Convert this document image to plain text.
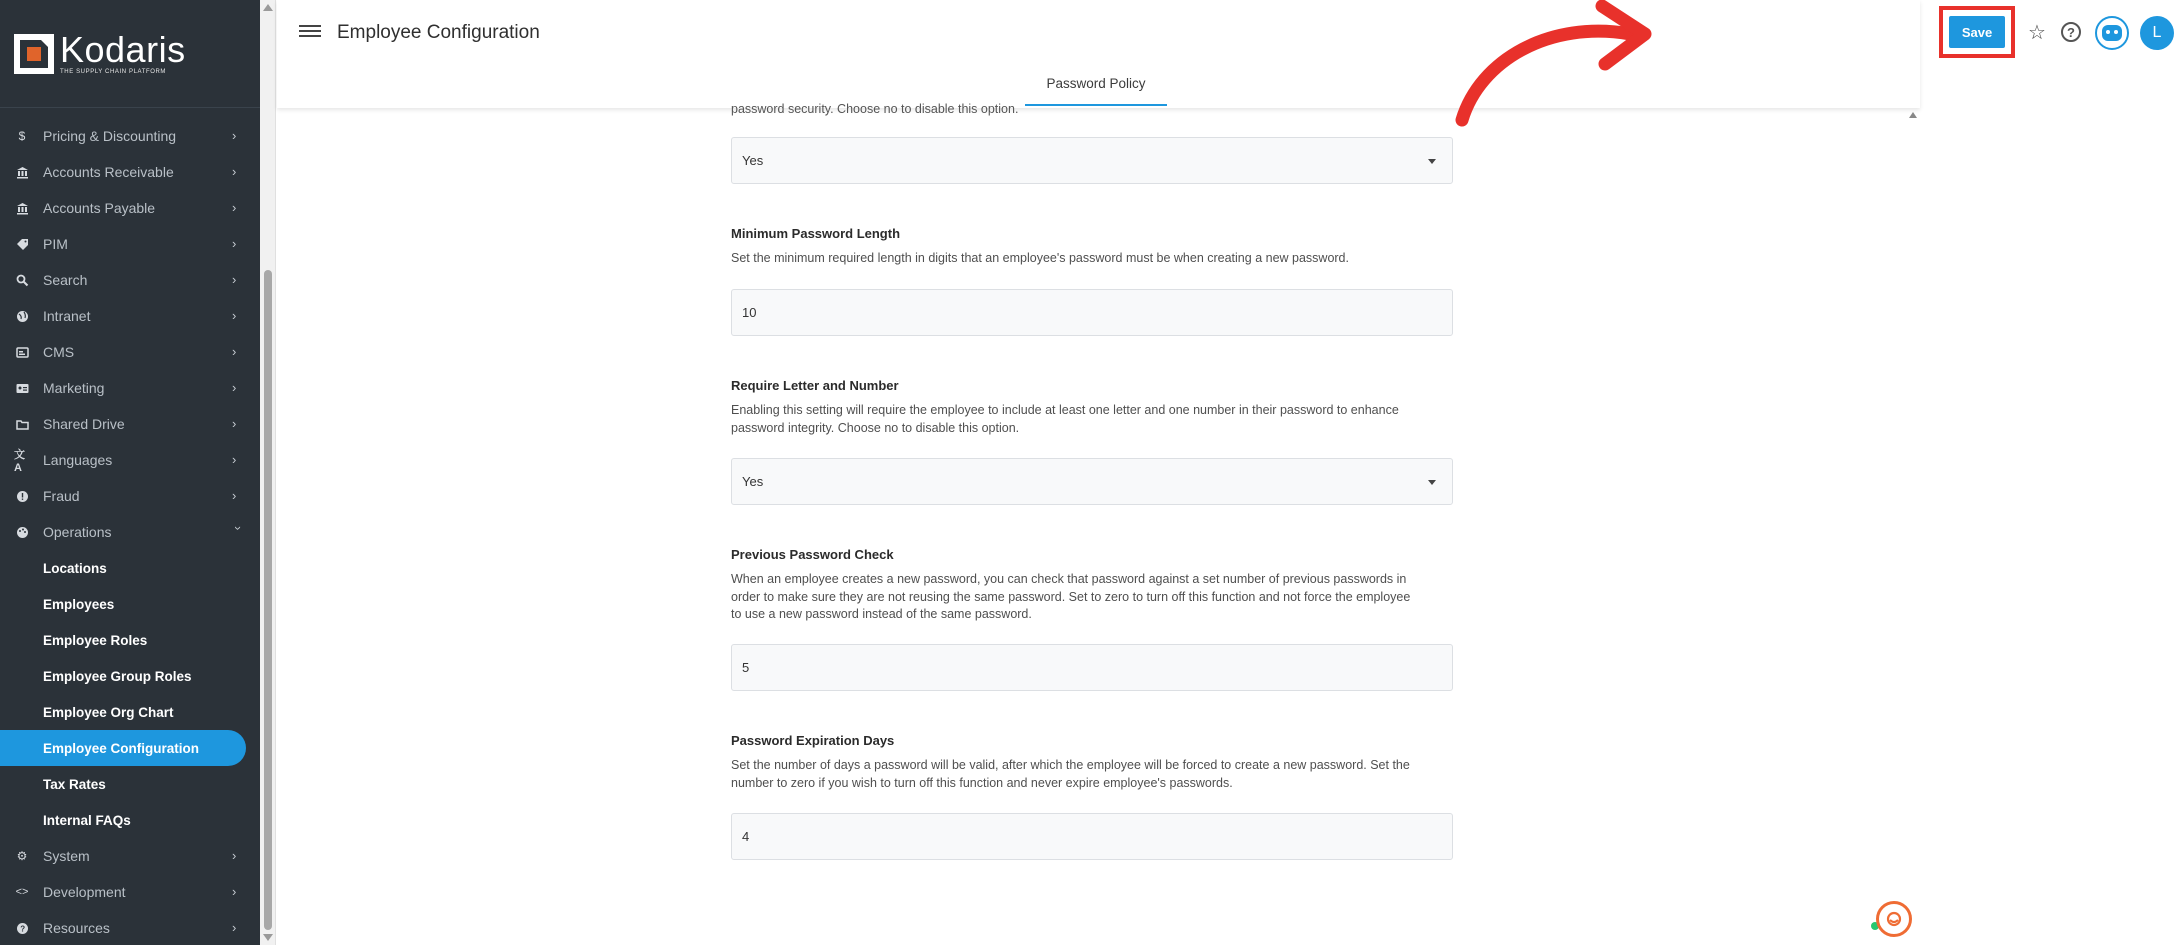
Kodaris
THE SUPPLY CHAIN PLATFORM
$	Pricing & Discounting	›
Accounts Receivable	›
Accounts Payable	›
PIM	›
Search	›
Intranet	›
CMS	›
Marketing	›
Shared Drive	›
文A	Languages	›
Fraud	›
Operations	›
Locations
Employees
Employee Roles
Employee Group Roles
Employee Org Chart
Employee Configuration
Tax Rates
Internal FAQs
⚙ System	›
<> Development	›
? Resources	›
Employee Configuration
Password Policy
Save	☆	?	L
password security. Choose no to disable this option.
Yes
Minimum Password Length
Set the minimum required length in digits that an employee's password must be when creating a new password.
10
Require Letter and Number
Enabling this setting will require the employee to include at least one letter and one number in their password to enhance password integrity. Choose no to disable this option.
Yes
Previous Password Check
When an employee creates a new password, you can check that password against a set number of previous passwords in order to make sure they are not reusing the same password. Set to zero to turn off this function and not force the employee to use a new password instead of the same password.
5
Password Expiration Days
Set the number of days a password will be valid, after which the employee will be forced to create a new password. Set the number to zero if you wish to turn off this function and never expire employee's passwords.
4
